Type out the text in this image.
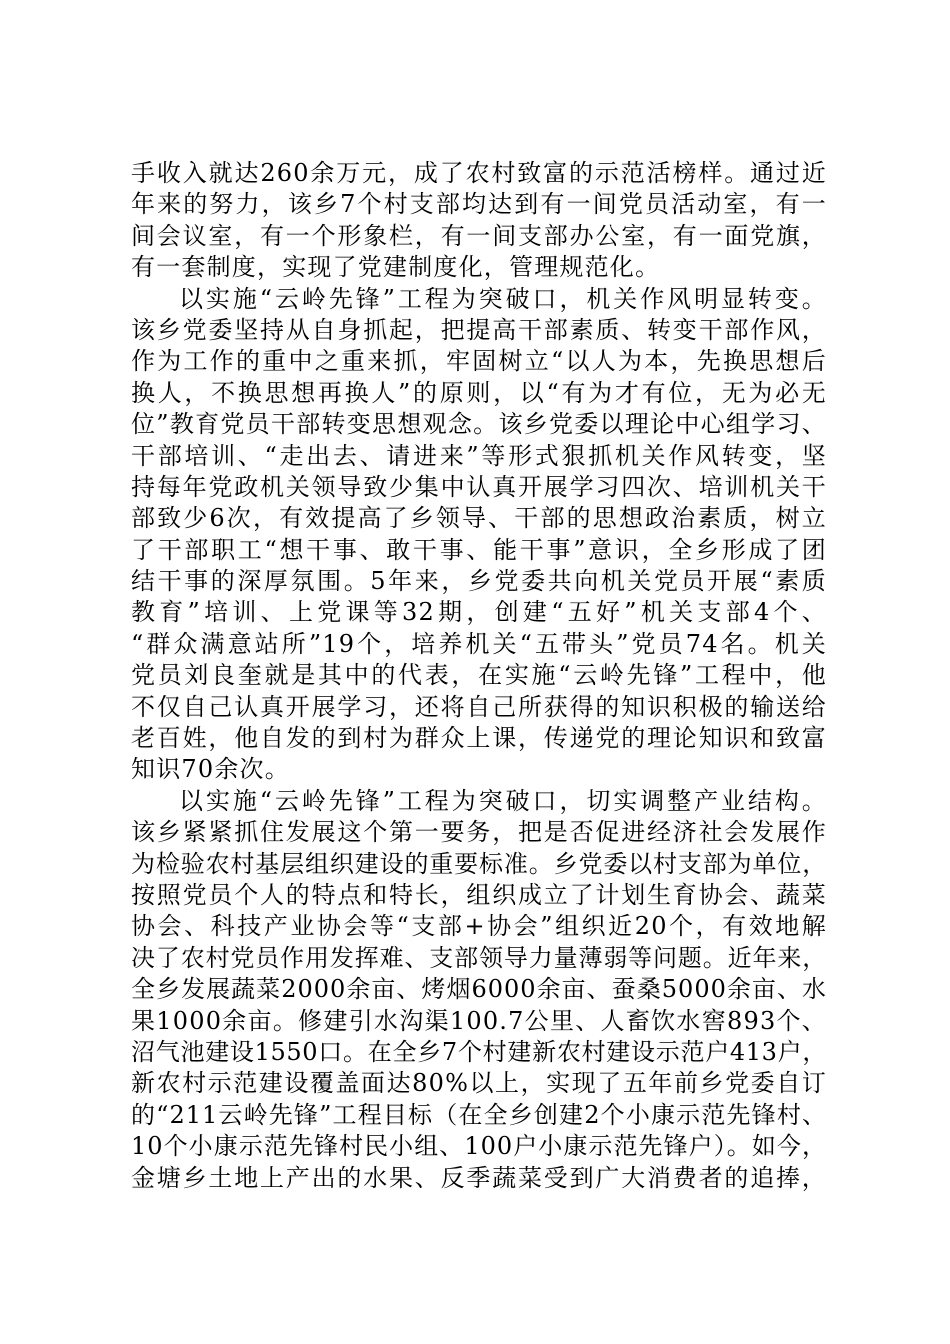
手收入就达260余万元，成了农村致富的示范活榜样。通过近
年来的努力，该乡7个村支部均达到有一间党员活动室，有一
间会议室，有一个形象栏，有一间支部办公室，有一面党旗，
有一套制度，实现了党建制度化，管理规范化。
以实施“云岭先锋”工程为突破口，机关作风明显转变。
该乡党委坚持从自身抓起，把提高干部素质、转变干部作风，
作为工作的重中之重来抓，牢固树立“以人为本，先换思想后
换人，不换思想再换人”的原则，以“有为才有位，无为必无
位”教育党员干部转变思想观念。该乡党委以理论中心组学习、
干部培训、“走出去、请进来”等形式狠抓机关作风转变，坚
持每年党政机关领导致少集中认真开展学习四次、培训机关干
部致少6次，有效提高了乡领导、干部的思想政治素质，树立
了干部职工“想干事、敢干事、能干事”意识，全乡形成了团
结干事的深厚氛围。5年来，乡党委共向机关党员开展“素质
教育”培训、上党课等32期，创建“五好”机关支部4个、
“群众满意站所”19个，培养机关“五带头”党员74名。机关
党员刘良奎就是其中的代表，在实施“云岭先锋”工程中，他
不仅自己认真开展学习，还将自己所获得的知识积极的输送给
老百姓，他自发的到村为群众上课，传递党的理论知识和致富
知识70余次。
以实施“云岭先锋”工程为突破口，切实调整产业结构。
该乡紧紧抓住发展这个第一要务，把是否促进经济社会发展作
为检验农村基层组织建设的重要标准。乡党委以村支部为单位，
按照党员个人的特点和特长，组织成立了计划生育协会、蔬菜
协会、科技产业协会等“支部+协会”组织近20个，有效地解
决了农村党员作用发挥难、支部领导力量薄弱等问题。近年来，
全乡发展蔬菜2000余亩、烤烟6000余亩、蚕桑5000余亩、水
果1000余亩。修建引水沟渠100.7公里、人畜饮水窖893个、
沼气池建设1550口。在全乡7个村建新农村建设示范户413户，
新农村示范建设覆盖面达80%以上，实现了五年前乡党委自订
的“211云岭先锋”工程目标（在全乡创建2个小康示范先锋村、
10个小康示范先锋村民小组、100户小康示范先锋户）。如今，
金塘乡土地上产出的水果、反季蔬菜受到广大消费者的追捧，
